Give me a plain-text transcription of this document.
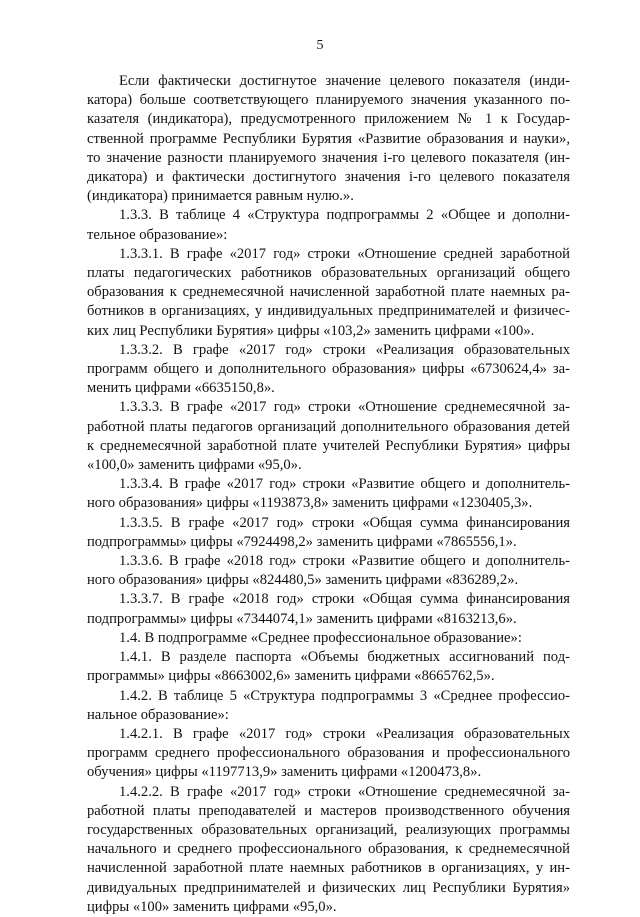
5

Если фактически достигнутое значение целевого показателя (индикатора) больше соответствующего планируемого значения указанного показателя (индикатора), предусмотренного приложением № 1 к Государственной программе Республики Бурятия «Развитие образования и науки», то значение разности планируемого значения i-го целевого показателя (индикатора) и фактически достигнутого значения i-го целевого показателя (индикатора) принимается равным нулю.».

1.3.3. В таблице 4 «Структура подпрограммы 2 «Общее и дополнительное образование»:

1.3.3.1. В графе «2017 год» строки «Отношение средней заработной платы педагогических работников образовательных организаций общего образования к среднемесячной начисленной заработной плате наемных работников в организациях, у индивидуальных предпринимателей и физических лиц Республики Бурятия» цифры «103,2» заменить цифрами «100».

1.3.3.2. В графе «2017 год» строки «Реализация образовательных программ общего и дополнительного образования» цифры «6730624,4» заменить цифрами «6635150,8».

1.3.3.3. В графе «2017 год» строки «Отношение среднемесячной заработной платы педагогов организаций дополнительного образования детей к среднемесячной заработной плате учителей Республики Бурятия» цифры «100,0» заменить цифрами «95,0».

1.3.3.4. В графе «2017 год» строки «Развитие общего и дополнительного образования» цифры «1193873,8» заменить цифрами «1230405,3».

1.3.3.5. В графе «2017 год» строки «Общая сумма финансирования подпрограммы» цифры «7924498,2» заменить цифрами «7865556,1».

1.3.3.6. В графе «2018 год» строки «Развитие общего и дополнительного образования» цифры «824480,5» заменить цифрами «836289,2».

1.3.3.7. В графе «2018 год» строки «Общая сумма финансирования подпрограммы» цифры «7344074,1» заменить цифрами «8163213,6».

1.4. В подпрограмме «Среднее профессиональное образование»:

1.4.1. В разделе паспорта «Объемы бюджетных ассигнований подпрограммы» цифры «8663002,6» заменить цифрами «8665762,5».

1.4.2. В таблице 5 «Структура подпрограммы 3 «Среднее профессиональное образование»:

1.4.2.1. В графе «2017 год» строки «Реализация образовательных программ среднего профессионального образования и профессионального обучения» цифры «1197713,9» заменить цифрами «1200473,8».

1.4.2.2. В графе «2017 год» строки «Отношение среднемесячной заработной платы преподавателей и мастеров производственного обучения государственных образовательных организаций, реализующих программы начального и среднего профессионального образования, к среднемесячной начисленной заработной плате наемных работников в организациях, у индивидуальных предпринимателей и физических лиц Республики Бурятия» цифры «100» заменить цифрами «95,0».
